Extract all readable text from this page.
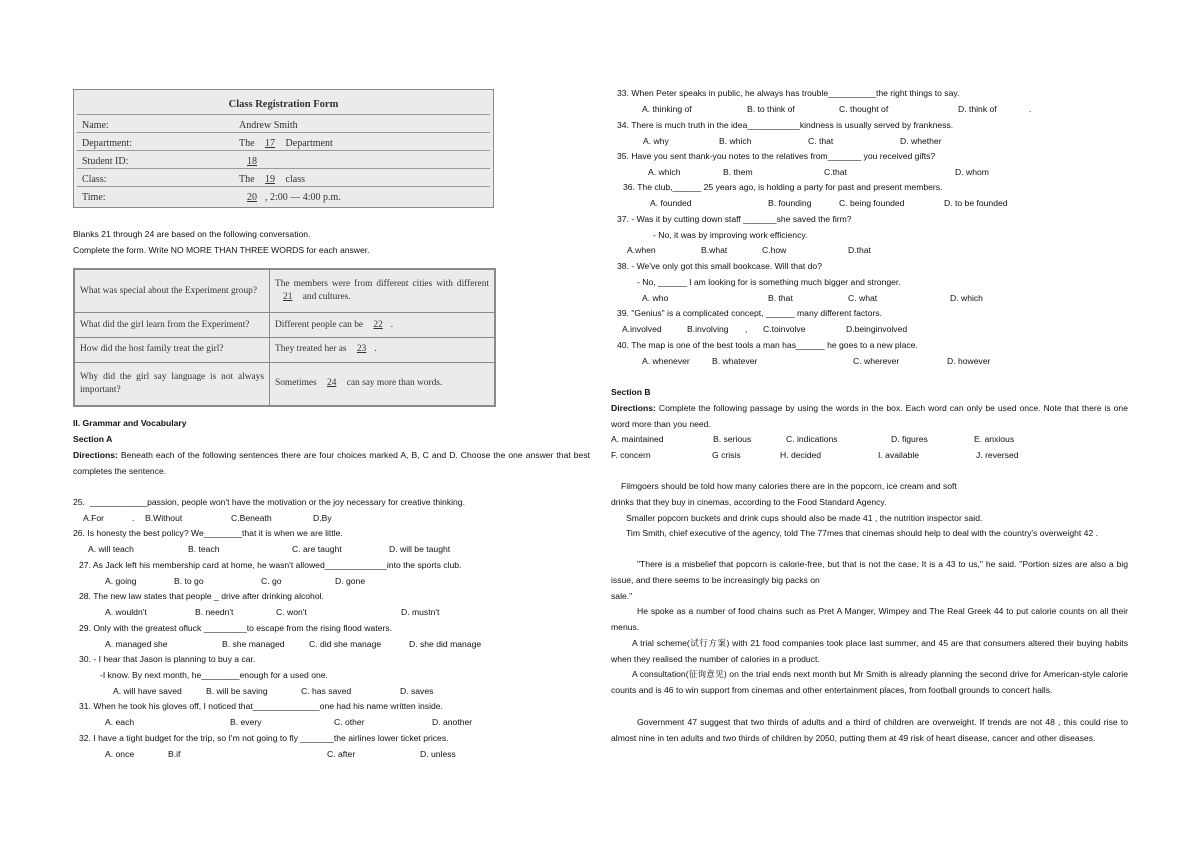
Class Registration Form
Name:	Andrew Smith
Department:	The 17 Department
Student ID:	18
Class:	The 19 class
Time:	20 , 2:00 — 4:00 p.m.
Blanks 21 through 24 are based on the following conversation.
Complete the form. Write NO MORE THAN THREE WORDS for each answer.
What was special about the Experiment group?	The members were from different cities with different 21 and cultures.
What did the girl learn from the Experiment?	Different people can be 22 .
How did the host family treat the girl?	They treated her as 23 .
Why did the girl say language is not always important?	Sometimes 24 can say more than words.
II. Grammar and Vocabulary
Section A
Directions: Beneath each of the following sentences there are four choices marked A, B, C and D. Choose the one answer that best completes the sentence.
25. ____________passion, people won't have the motivation or the joy necessary for creative thinking.
A.For	. B.Without	C.Beneath	D.By
26. Is honesty the best policy? We________that it is when we are little.
A. will teach	B. teach	C. are taught	D. will be taught
27. As Jack left his membership card at home, he wasn't allowed_____________into the sports club.
A. going	B. to go	C. go	D. gone
28. The new law states that people _ drive after drinking alcohol.
A. wouldn't	B. needn't	C. won't	D. mustn't
29. Only with the greatest ofluck _________to escape from the rising flood waters.
A. managed she	B. she managed	C. did she manage	D. she did manage
30. - I hear that Jason is planning to buy a car.
-I know. By next month, he________enough for a used one.
A. will have saved	B. will be saving	C. has saved	D. saves
31. When he took his gloves off, I noticed that______________one had his name written inside.
A. each	B. every	C. other	D. another
32. I have a tight budget for the trip, so I'm not going to fly _______the airlines lower ticket prices.
A. once	B.if	C. after	D. unless
33. When Peter speaks in public, he always has trouble__________the right things to say.
A. thinking of	B. to think of	C. thought of	D. think of	.
34. There is much truth in the idea___________kindness is usually served by frankness.
A. why	B. which	C. that	D. whether
35. Have you sent thank-you notes to the relatives from_______ you received gifts?
A. which	B. them	C.that	D. whom
36. The club,______ 25 years ago, is holding a party for past and present members.
A. founded	B. founding	C. being founded	D. to be founded
37. - Was it by cutting down staff _______she saved the firm?
- No, it was by improving work efficiency.
A.when	B.what	C.how	D.that
38. - We've only got this small bookcase. Will that do?
- No, ______ I am looking for is something much bigger and stronger.
A. who	B. that	C. what	D. which
39. "Genius" is a complicated concept, ______ many different factors.
A.involved	B.involving , C.toinvolve	D.beinginvolved
40. The map is one of the best tools a man has______ he goes to a new place.
A. whenever	B. whatever	C. wherever	D. however
Section B
Directions: Complete the following passage by using the words in the box. Each word can only be used once. Note that there is one word more than you need.
A. maintained	B. serious	C. indications	D. figures	E. anxious
F. concern	G crisis	H. decided	I. available	J. reversed
Filmgoers should be told how many calories there are in the popcorn, ice cream and soft
drinks that they buy in cinemas, according to the Food Standard Agency.
Smaller popcorn buckets and drink cups should also be made 41 , the nutrition inspector said.
Tim Smith, chief executive of the agency, told The 77mes that cinemas should help to deal with the country's overweight 42 .
"There is a misbelief that popcorn is calorie-free, but that is not the case. It is a 43 to us," he said. "Portion sizes are also a big issue, and there seems to be increasingly big packs on
sale."
He spoke as a number of food chains such as Pret A Manger, Wimpey and The Real Greek 44 to put calorie counts on all their menus.
A trial scheme(试行方案) with 21 food companies took place last summer, and 45 are that consumers altered their buying habits when they realised the number of calories in a product.
A consultation(征询意见) on the trial ends next month but Mr Smith is already planning the second drive for American-style calorie counts and is 46 to win support from cinemas and other entertainment places, from football grounds to concert halls.
Government 47 suggest that two thirds of adults and a third of children are overweight. If trends are not 48 , this could rise to almost nine in ten adults and two thirds of children by 2050, putting them at 49 risk of heart disease, cancer and other diseases.
